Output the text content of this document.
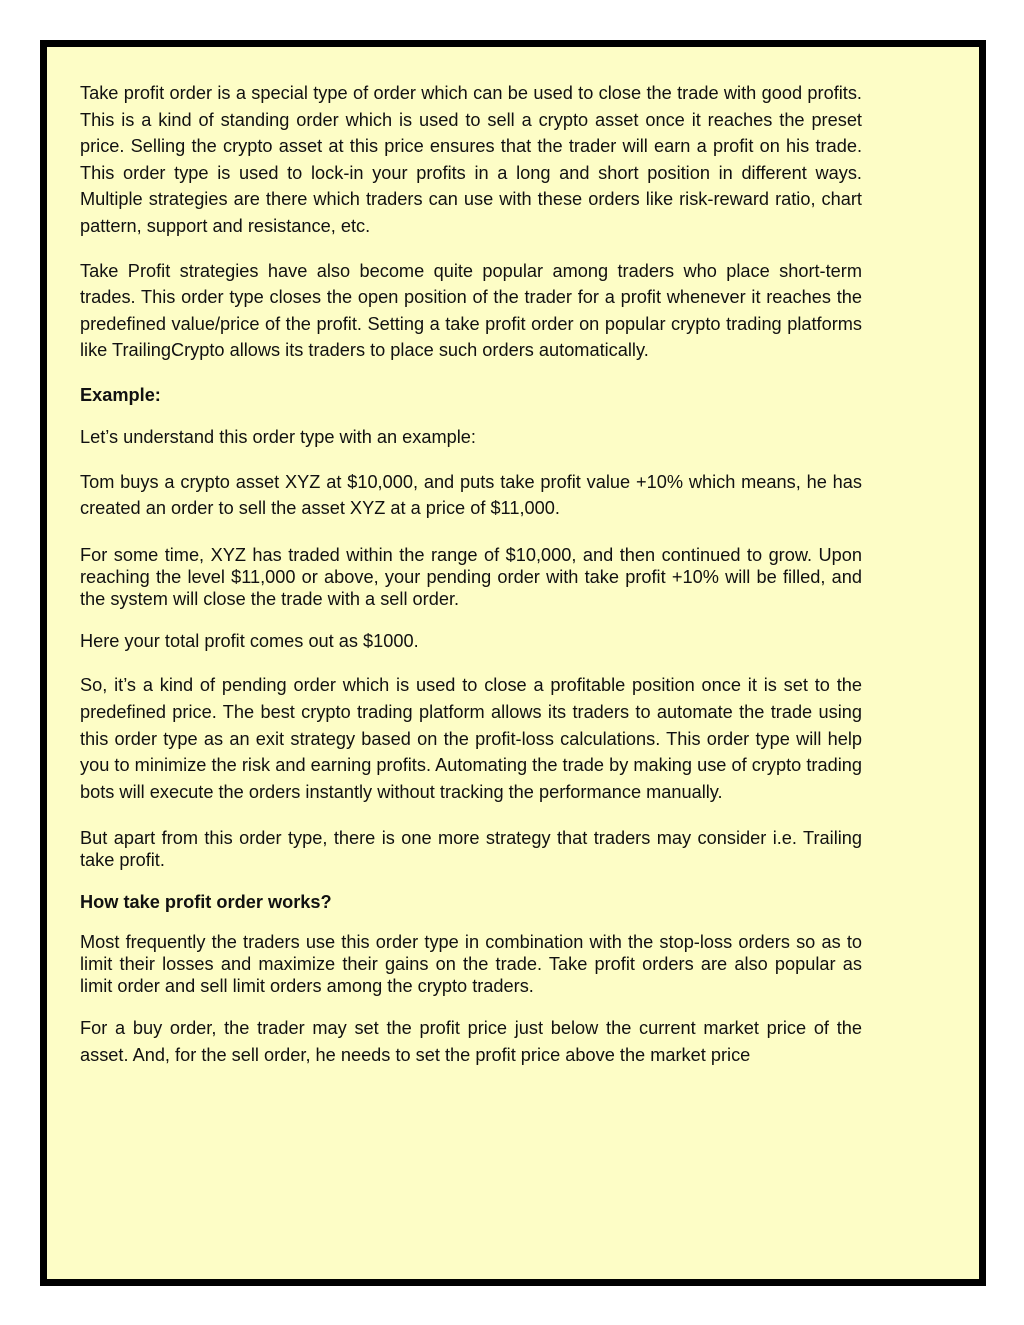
Take profit order is a special type of order which can be used to close the trade with good profits. This is a kind of standing order which is used to sell a crypto asset once it reaches the preset price. Selling the crypto asset at this price ensures that the trader will earn a profit on his trade. This order type is used to lock-in your profits in a long and short position in different ways. Multiple strategies are there which traders can use with these orders like risk-reward ratio, chart pattern, support and resistance, etc.

Take Profit strategies have also become quite popular among traders who place short-term trades. This order type closes the open position of the trader for a profit whenever it reaches the predefined value/price of the profit. Setting a take profit order on popular crypto trading platforms like TrailingCrypto allows its traders to place such orders automatically.

Example:

Let’s understand this order type with an example:

Tom buys a crypto asset XYZ at $10,000, and puts take profit value +10% which means, he has created an order to sell the asset XYZ at a price of $11,000.

For some time, XYZ has traded within the range of $10,000, and then continued to grow. Upon reaching the level $11,000 or above, your pending order with take profit +10% will be filled, and the system will close the trade with a sell order.

Here your total profit comes out as $1000.

So, it’s a kind of pending order which is used to close a profitable position once it is set to the predefined price. The best crypto trading platform allows its traders to automate the trade using this order type as an exit strategy based on the profit-loss calculations. This order type will help you to minimize the risk and earning profits. Automating the trade by making use of crypto trading bots will execute the orders instantly without tracking the performance manually.

But apart from this order type, there is one more strategy that traders may consider i.e. Trailing take profit.

How take profit order works?

Most frequently the traders use this order type in combination with the stop-loss orders so as to limit their losses and maximize their gains on the trade. Take profit orders are also popular as limit order and sell limit orders among the crypto traders.

For a buy order, the trader may set the profit price just below the current market price of the asset. And, for the sell order, he needs to set the profit price above the market price
